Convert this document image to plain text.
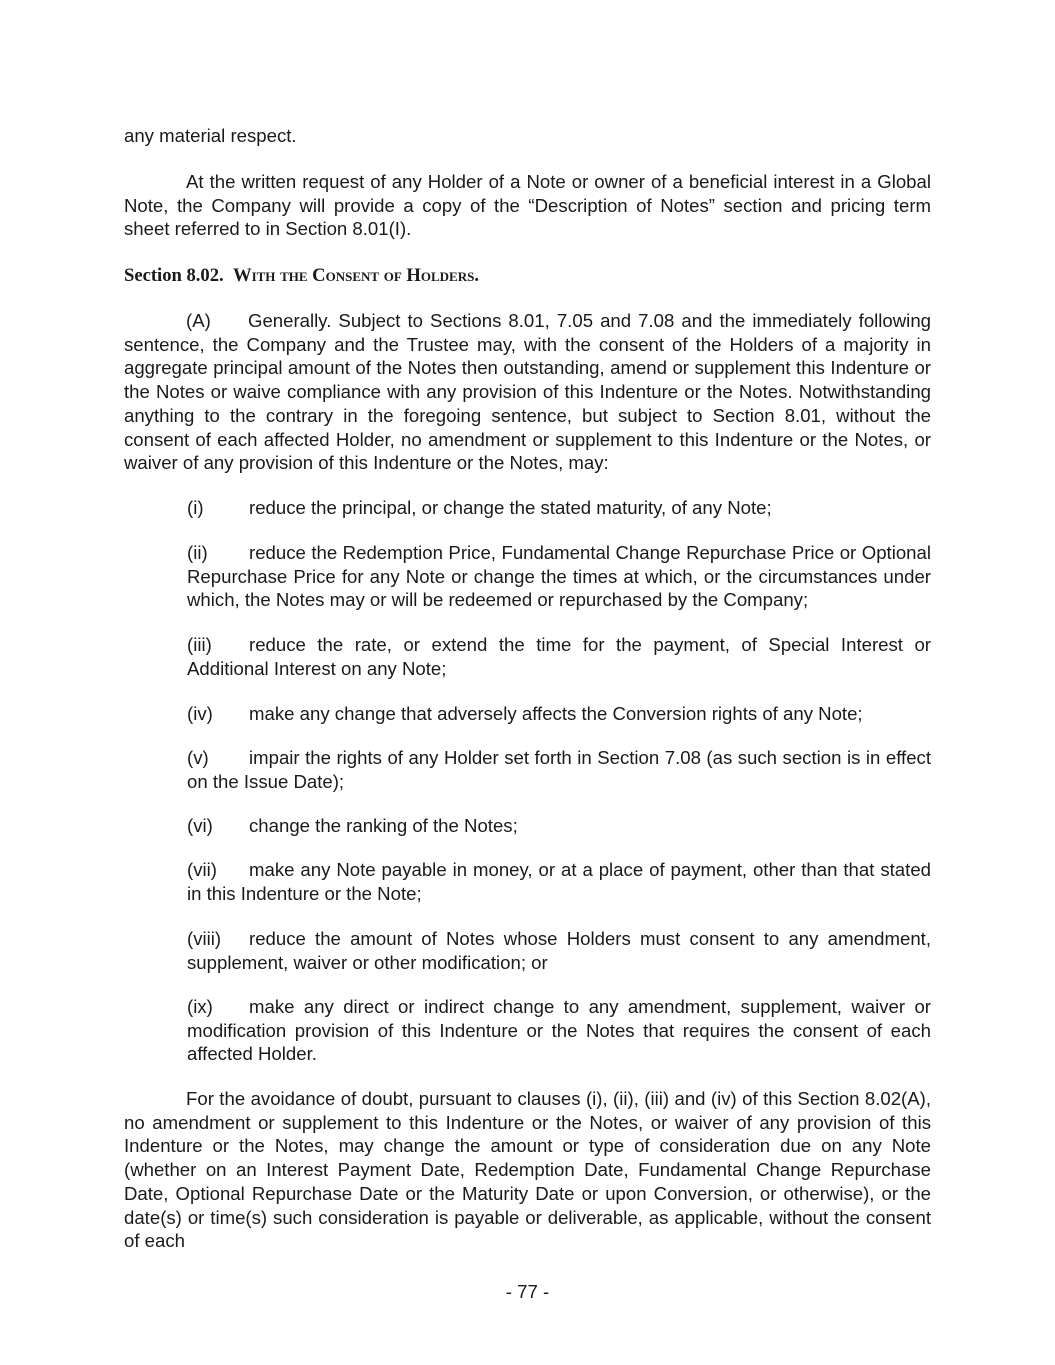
any material respect.

At the written request of any Holder of a Note or owner of a beneficial interest in a Global Note, the Company will provide a copy of the “Description of Notes” section and pricing term sheet referred to in Section 8.01(I).

Section 8.02. With the Consent of Holders.

(A) Generally. Subject to Sections 8.01, 7.05 and 7.08 and the immediately following sentence, the Company and the Trustee may, with the consent of the Holders of a majority in aggregate principal amount of the Notes then outstanding, amend or supplement this Indenture or the Notes or waive compliance with any provision of this Indenture or the Notes. Notwithstanding anything to the contrary in the foregoing sentence, but subject to Section 8.01, without the consent of each affected Holder, no amendment or supplement to this Indenture or the Notes, or waiver of any provision of this Indenture or the Notes, may:

(i) reduce the principal, or change the stated maturity, of any Note;

(ii) reduce the Redemption Price, Fundamental Change Repurchase Price or Optional Repurchase Price for any Note or change the times at which, or the circumstances under which, the Notes may or will be redeemed or repurchased by the Company;

(iii) reduce the rate, or extend the time for the payment, of Special Interest or Additional Interest on any Note;

(iv) make any change that adversely affects the Conversion rights of any Note;

(v) impair the rights of any Holder set forth in Section 7.08 (as such section is in effect on the Issue Date);

(vi) change the ranking of the Notes;

(vii) make any Note payable in money, or at a place of payment, other than that stated in this Indenture or the Note;

(viii) reduce the amount of Notes whose Holders must consent to any amendment, supplement, waiver or other modification; or

(ix) make any direct or indirect change to any amendment, supplement, waiver or modification provision of this Indenture or the Notes that requires the consent of each affected Holder.

For the avoidance of doubt, pursuant to clauses (i), (ii), (iii) and (iv) of this Section 8.02(A), no amendment or supplement to this Indenture or the Notes, or waiver of any provision of this Indenture or the Notes, may change the amount or type of consideration due on any Note (whether on an Interest Payment Date, Redemption Date, Fundamental Change Repurchase Date, Optional Repurchase Date or the Maturity Date or upon Conversion, or otherwise), or the date(s) or time(s) such consideration is payable or deliverable, as applicable, without the consent of each

- 77 -
